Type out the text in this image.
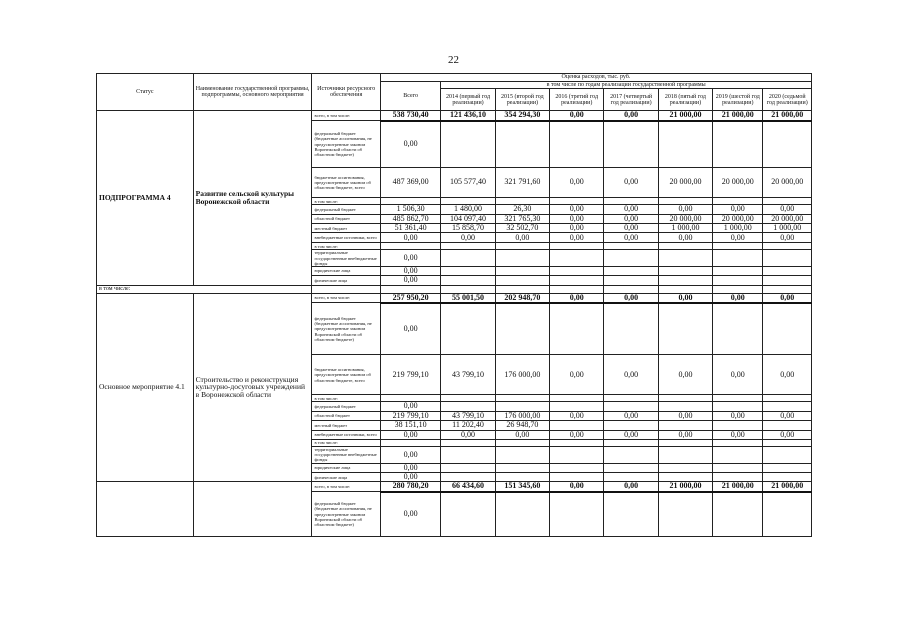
22
Статус	Наименование государственной программы, подпрограммы, основного мероприятия	Источники ресурсного обеспечения	Оценка расходов, тыс. руб.							
			Всего	в том числе по годам реализации государственной программы						
				2014 (первый год реализации)	2015 (второй год реализации)	2016 (третий год реализации)	2017 (четвертый год реализации)	2018 (пятый год реализации)	2019 (шестой год реализации)	2020 (седьмой год реализации)
ПОДПРОГРАММА 4	Развитие сельской культуры Воронежской области	всего, в том числе:	538 730,40	121 436,10	354 294,30	0,00	0,00	21 000,00	21 000,00	21 000,00
		федеральный бюджет (бюджетные ассигнования, не предусмотренные законом Воронежской области об областном бюджете)	0,00							
		бюджетные ассигнования, предусмотренные законом об областном бюджете, всего	487 369,00	105 577,40	321 791,60	0,00	0,00	20 000,00	20 000,00	20 000,00
		в том числе:								
		федеральный бюджет	1 506,30	1 480,00	26,30	0,00	0,00	0,00	0,00	0,00
		областной бюджет	485 862,70	104 097,40	321 765,30	0,00	0,00	20 000,00	20 000,00	20 000,00
		местный бюджет	51 361,40	15 858,70	32 502,70	0,00	0,00	1 000,00	1 000,00	1 000,00
		внебюджетные источники, всего	0,00	0,00	0,00	0,00	0,00	0,00	0,00	0,00
		в том числе:								
		территориальные государственные внебюджетные фонды	0,00							
		юридические лица	0,00							
		физические лица	0,00							
в том числе:										
Основное мероприятие 4.1	Строительство и реконструкция культурно-досуговых учреждений в Воронежской области	всего, в том числе:	257 950,20	55 001,50	202 948,70	0,00	0,00	0,00	0,00	0,00
		федеральный бюджет (бюджетные ассигнования, не предусмотренные законом Воронежской области об областном бюджете)	0,00							
		бюджетные ассигнования, предусмотренные законом об областном бюджете, всего	219 799,10	43 799,10	176 000,00	0,00	0,00	0,00	0,00	0,00
		в том числе:								
		федеральный бюджет	0,00							
		областной бюджет	219 799,10	43 799,10	176 000,00	0,00	0,00	0,00	0,00	0,00
		местный бюджет	38 151,10	11 202,40	26 948,70					
		внебюджетные источники, всего	0,00	0,00	0,00	0,00	0,00	0,00	0,00	0,00
		в том числе:								
		территориальные государственные внебюджетные фонды	0,00							
		юридические лица	0,00							
		физические лица	0,00							
		всего, в том числе:	280 780,20	66 434,60	151 345,60	0,00	0,00	21 000,00	21 000,00	21 000,00
		федеральный бюджет (бюджетные ассигнования, не предусмотренные законом Воронежской области об областном бюджете)	0,00							
